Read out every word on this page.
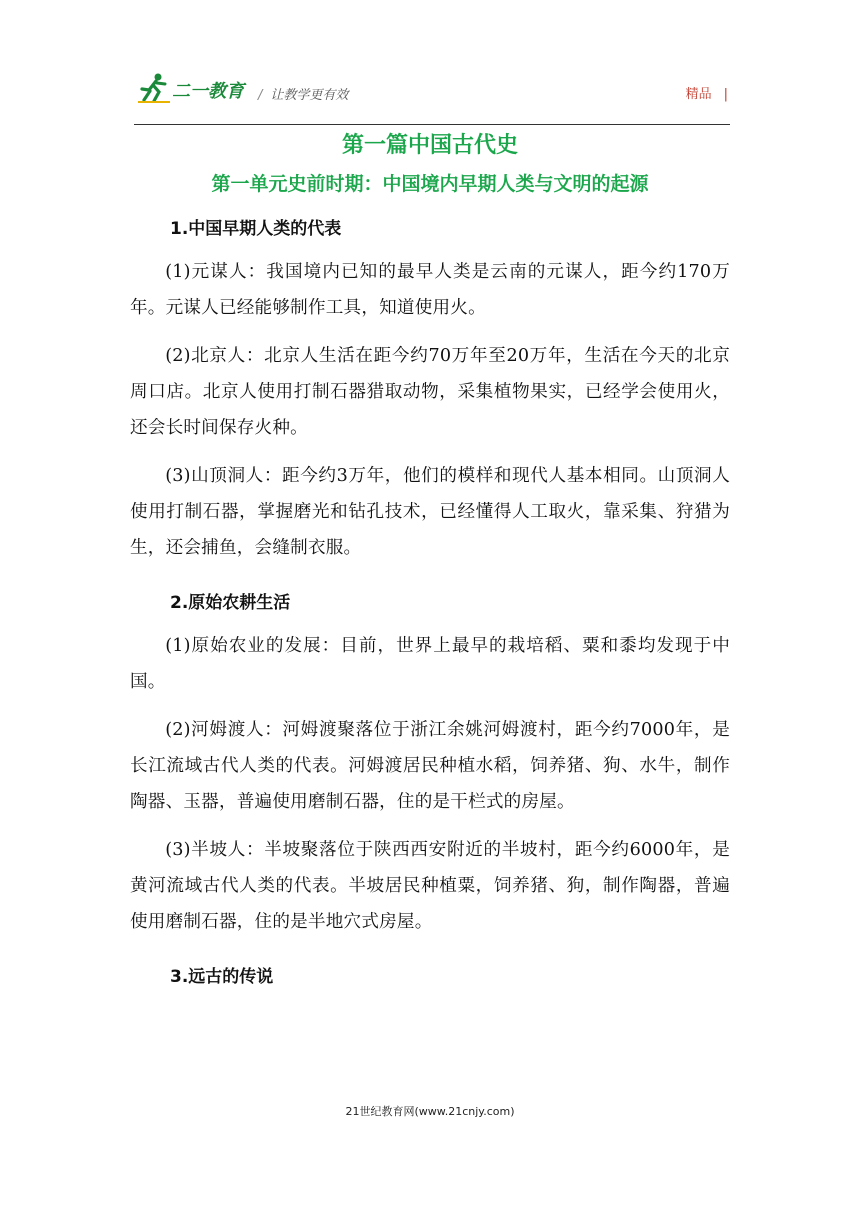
二一教育 / 让教学更有效	精品 |
第一篇中国古代史
第一单元史前时期：中国境内早期人类与文明的起源
1.中国早期人类的代表

(1)元谋人：我国境内已知的最早人类是云南的元谋人，距今约170万年。元谋人已经能够制作工具，知道使用火。

(2)北京人：北京人生活在距今约70万年至20万年，生活在今天的北京周口店。北京人使用打制石器猎取动物，采集植物果实，已经学会使用火，还会长时间保存火种。

(3)山顶洞人：距今约3万年，他们的模样和现代人基本相同。山顶洞人使用打制石器，掌握磨光和钻孔技术，已经懂得人工取火，靠采集、狩猎为生，还会捕鱼，会缝制衣服。

2.原始农耕生活

(1)原始农业的发展：目前，世界上最早的栽培稻、粟和黍均发现于中国。

(2)河姆渡人：河姆渡聚落位于浙江余姚河姆渡村，距今约7000年，是长江流域古代人类的代表。河姆渡居民种植水稻，饲养猪、狗、水牛，制作陶器、玉器，普遍使用磨制石器，住的是干栏式的房屋。

(3)半坡人：半坡聚落位于陕西西安附近的半坡村，距今约6000年，是黄河流域古代人类的代表。半坡居民种植粟，饲养猪、狗，制作陶器，普遍使用磨制石器，住的是半地穴式房屋。

3.远古的传说
21世纪教育网(www.21cnjy.com)
